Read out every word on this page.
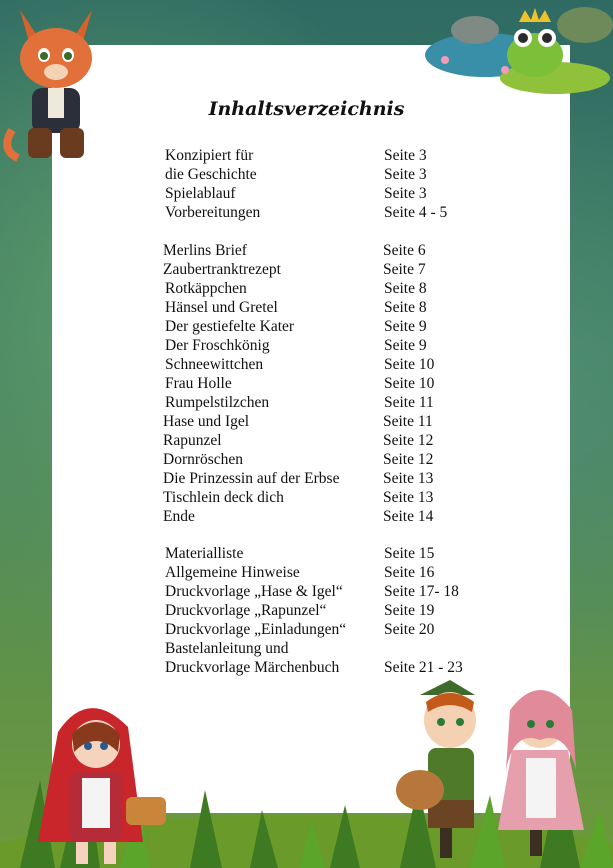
Inhaltsverzeichnis
Konzipiert für	Seite 3
die Geschichte	Seite 3
Spielablauf	Seite 3
Vorbereitungen	Seite 4 - 5
Merlins Brief	Seite 6
Zaubertranktrezept	Seite 7
Rotkäppchen	Seite 8
Hänsel und Gretel	Seite 8
Der gestiefelte Kater	Seite 9
Der Froschkönig	Seite 9
Schneewittchen	Seite 10
Frau Holle	Seite 10
Rumpelstilzchen	Seite 11
Hase und Igel	Seite 11
Rapunzel	Seite 12
Dornröschen	Seite 12
Die Prinzessin auf der Erbse	Seite 13
Tischlein deck dich	Seite 13
Ende	Seite 14
Materialliste	Seite 15
Allgemeine Hinweise	Seite 16
Druckvorlage „Hase & Igel“	Seite 17- 18
Druckvorlage „Rapunzel“	Seite 19
Druckvorlage „Einladungen“ Seite 20
Bastelanleitung und
Druckvorlage Märchenbuch	Seite 21 - 23
